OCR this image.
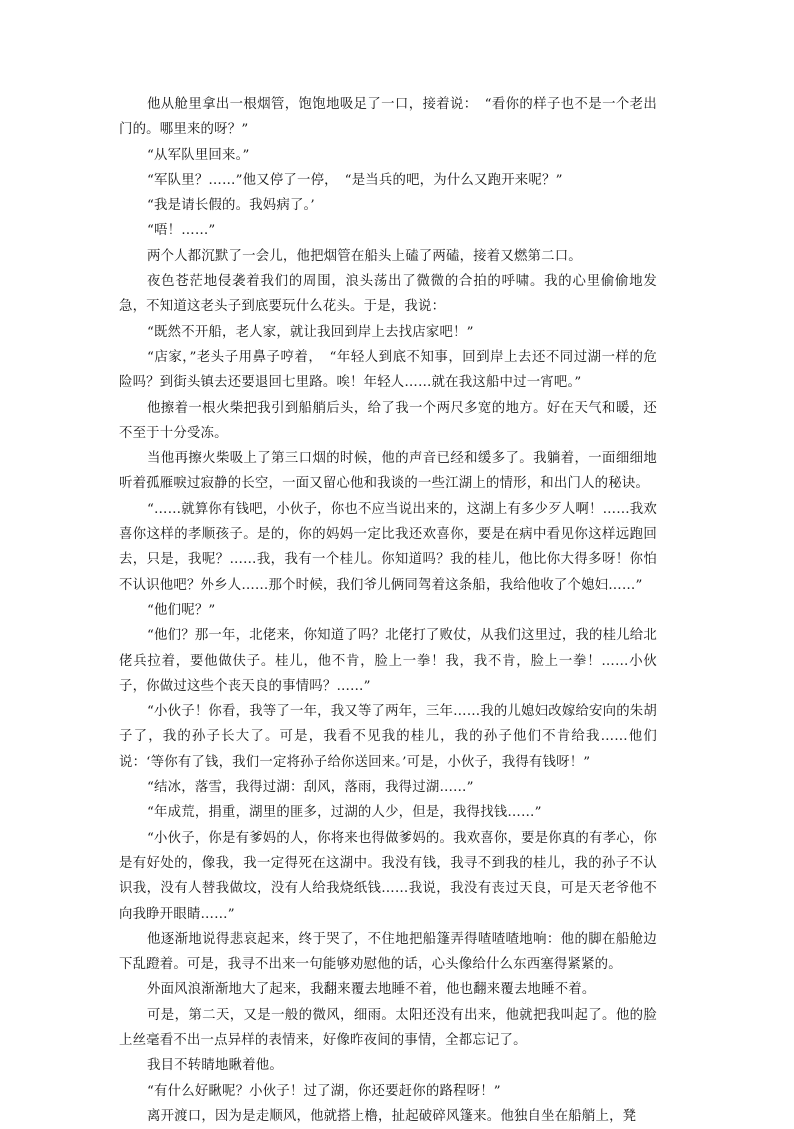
他从舱里拿出一根烟管，饱饱地吸足了一口，接着说：　“看你的样子也不是一个老出门的。哪里来的呀？”

“从军队里回来。”

“军队里？……”他又停了一停，　“是当兵的吧，为什么又跑开来呢？”

“我是请长假的。我妈病了。’

“唔！……”

两个人都沉默了一会儿，他把烟管在船头上磕了两磕，接着又燃第二口。

夜色苍茫地侵袭着我们的周围，浪头荡出了微微的合拍的呼啸。我的心里偷偷地发急，不知道这老头子到底要玩什么花头。于是，我说：

“既然不开船，老人家，就让我回到岸上去找店家吧！”

“店家，”老头子用鼻子哼着，　“年轻人到底不知事，回到岸上去还不同过湖一样的危险吗？到街头镇去还要退回七里路。唉！年轻人……就在我这船中过一宵吧。”

他擦着一根火柴把我引到船艄后头，给了我一个两尺多宽的地方。好在天气和暖，还不至于十分受冻。

当他再擦火柴吸上了第三口烟的时候，他的声音已经和缓多了。我躺着，一面细细地听着孤雁唳过寂静的长空，一面又留心他和我谈的一些江湖上的情形，和出门人的秘诀。

“……就算你有钱吧，小伙子，你也不应当说出来的，这湖上有多少歹人啊！……我欢喜你这样的孝顺孩子。是的，你的妈妈一定比我还欢喜你，要是在病中看见你这样远跑回去，只是，我呢？……我，我有一个桂儿。你知道吗？我的桂儿，他比你大得多呀！你怕不认识他吧？外乡人……那个时候，我们爷儿俩同驾着这条船，我给他收了个媳妇……”

“他们呢？”

“他们？那一年，北佬来，你知道了吗？北佬打了败仗，从我们这里过，我的桂儿给北佬兵拉着，要他做伕子。桂儿，他不肯，脸上一拳！我，我不肯，脸上一拳！……小伙子，你做过这些个丧天良的事情吗？……”

“小伙子！你看，我等了一年，我又等了两年，三年……我的儿媳妇改嫁给安向的朱胡子了，我的孙子长大了。可是，我看不见我的桂儿，我的孙子他们不肯给我……他们说：‘等你有了钱，我们一定将孙子给你送回来。’可是，小伙子，我得有钱呀！”

“结冰，落雪，我得过湖：刮风，落雨，我得过湖……”

“年成荒，捐重，湖里的匪多，过湖的人少，但是，我得找钱……”

“小伙子，你是有爹妈的人，你将来也得做爹妈的。我欢喜你，要是你真的有孝心，你是有好处的，像我，我一定得死在这湖中。我没有钱，我寻不到我的桂儿，我的孙子不认识我，没有人替我做坟，没有人给我烧纸钱……我说，我没有丧过天良，可是天老爷他不向我睁开眼睛……”

他逐渐地说得悲哀起来，终于哭了，不住地把船篷弄得喳喳喳地响：他的脚在船舱边下乱蹬着。可是，我寻不出来一句能够劝慰他的话，心头像给什么东西塞得紧紧的。

外面风浪渐渐地大了起来，我翻来覆去地睡不着，他也翻来覆去地睡不着。

可是，第二天，又是一般的微风，细雨。太阳还没有出来，他就把我叫起了。他的脸上丝毫看不出一点异样的表情来，好像昨夜间的事情，全都忘记了。

我目不转睛地瞅着他。

“有什么好瞅呢？小伙子！过了湖，你还要赶你的路程呀！”

离开渡口，因为是走顺风，他就搭上橹，扯起破碎风篷来。他独自坐在船艄上，凳
